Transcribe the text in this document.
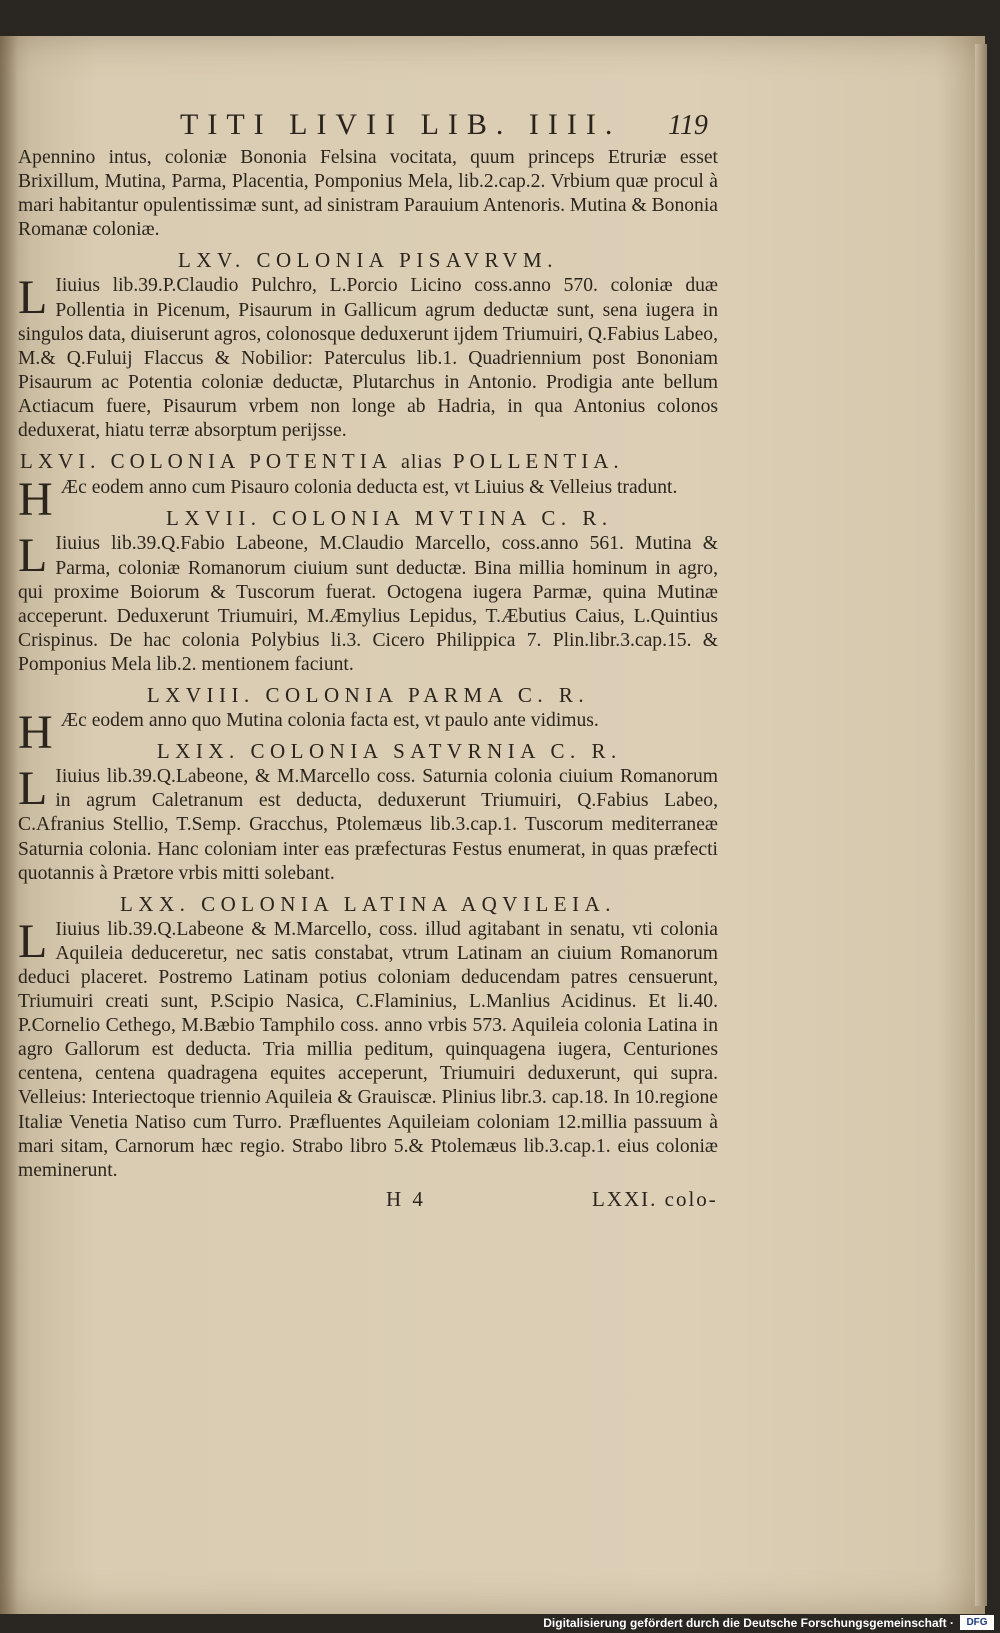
TITI LIVII LIB. IIII. 119

Apennino intus, coloniæ Bononia Felsina vocitata, quum princeps Etruriæ esset Brixillum, Mutina, Parma, Placentia, Pomponius Mela, lib.2.cap.2. Vrbium quæ procul à mari habitantur opulentissimæ sunt, ad sinistram Parauium Antenoris. Mutina & Bononia Romanæ coloniæ.

LXV. COLONIA PISAVRVM.
L Iiuius lib.39.P.Claudio Pulchro, L.Porcio Licino coss.anno 570. coloniæ duæ Pollentia in Picenum, Pisaurum in Gallicum agrum deductæ sunt, sena iugera in singulos data, diuiserunt agros, colonosque deduxerunt ijdem Triumuiri, Q.Fabius Labeo, M.& Q.Fuluij Flaccus & Nobilior: Paterculus lib.1. Quadriennium post Bononiam Pisaurum ac Potentia coloniæ deductæ, Plutarchus in Antonio. Prodigia ante bellum Actiacum fuere, Pisaurum vrbem non longe ab Hadria, in qua Antonius colonos deduxerat, hiatu terræ absorptum perijsse.

LXVI. COLONIA POTENTIA alias POLLENTIA.
H Æc eodem anno cum Pisauro colonia deducta est, vt Liuius & Velleius tradunt.

LXVII. COLONIA MVTINA C. R.
L Iiuius lib.39.Q.Fabio Labeone, M.Claudio Marcello, coss.anno 561. Mutina & Parma, coloniæ Romanorum ciuium sunt deductæ. Bina millia hominum in agro, qui proxime Boiorum & Tuscorum fuerat. Octogena iugera Parmæ, quina Mutinæ acceperunt. Deduxerunt Triumuiri, M.Æmylius Lepidus, T.Æbutius Caius, L.Quintius Crispinus. De hac colonia Polybius li.3. Cicero Philippica 7. Plin.libr.3.cap.15. & Pomponius Mela lib.2. mentionem faciunt.

LXVIII. COLONIA PARMA C. R.
H Æc eodem anno quo Mutina colonia facta est, vt paulo ante vidimus.

LXIX. COLONIA SATVRNIA C. R.
L Iiuius lib.39.Q.Labeone, & M.Marcello coss. Saturnia colonia ciuium Romanorum in agrum Caletranum est deducta, deduxerunt Triumuiri, Q.Fabius Labeo, C.Afranius Stellio, T.Semp. Gracchus, Ptolemæus lib.3.cap.1. Tuscorum mediterraneæ Saturnia colonia. Hanc coloniam inter eas præfecturas Festus enumerat, in quas præfecti quotannis à Prætore vrbis mitti solebant.

LXX. COLONIA LATINA AQVILEIA.
L Iiuius lib.39.Q.Labeone & M.Marcello, coss. illud agitabant in senatu, vti colonia Aquileia deduceretur, nec satis constabat, vtrum Latinam an ciuium Romanorum deduci placeret. Postremo Latinam potius coloniam deducendam patres censuerunt, Triumuiri creati sunt, P.Scipio Nasica, C.Flaminius, L.Manlius Acidinus. Et li.40. P.Cornelio Cethego, M.Bæbio Tamphilo coss. anno vrbis 573. Aquileia colonia Latina in agro Gallorum est deducta. Tria millia peditum, quinquagena iugera, Centuriones centena, centena quadragena equites acceperunt, Triumuiri deduxerunt, qui supra. Velleius: Interiectoque triennio Aquileia & Grauiscæ. Plinius libr.3. cap.18. In 10.regione Italiæ Venetia Natiso cum Turro. Præfluentes Aquileiam coloniam 12.millia passuum à mari sitam, Carnorum hæc regio. Strabo libro 5.& Ptolemæus lib.3.cap.1. eius coloniæ meminerunt.

H 4	LXXI. colo-
Digitalisierung gefördert durch die Deutsche Forschungsgemeinschaft ·	DFG
